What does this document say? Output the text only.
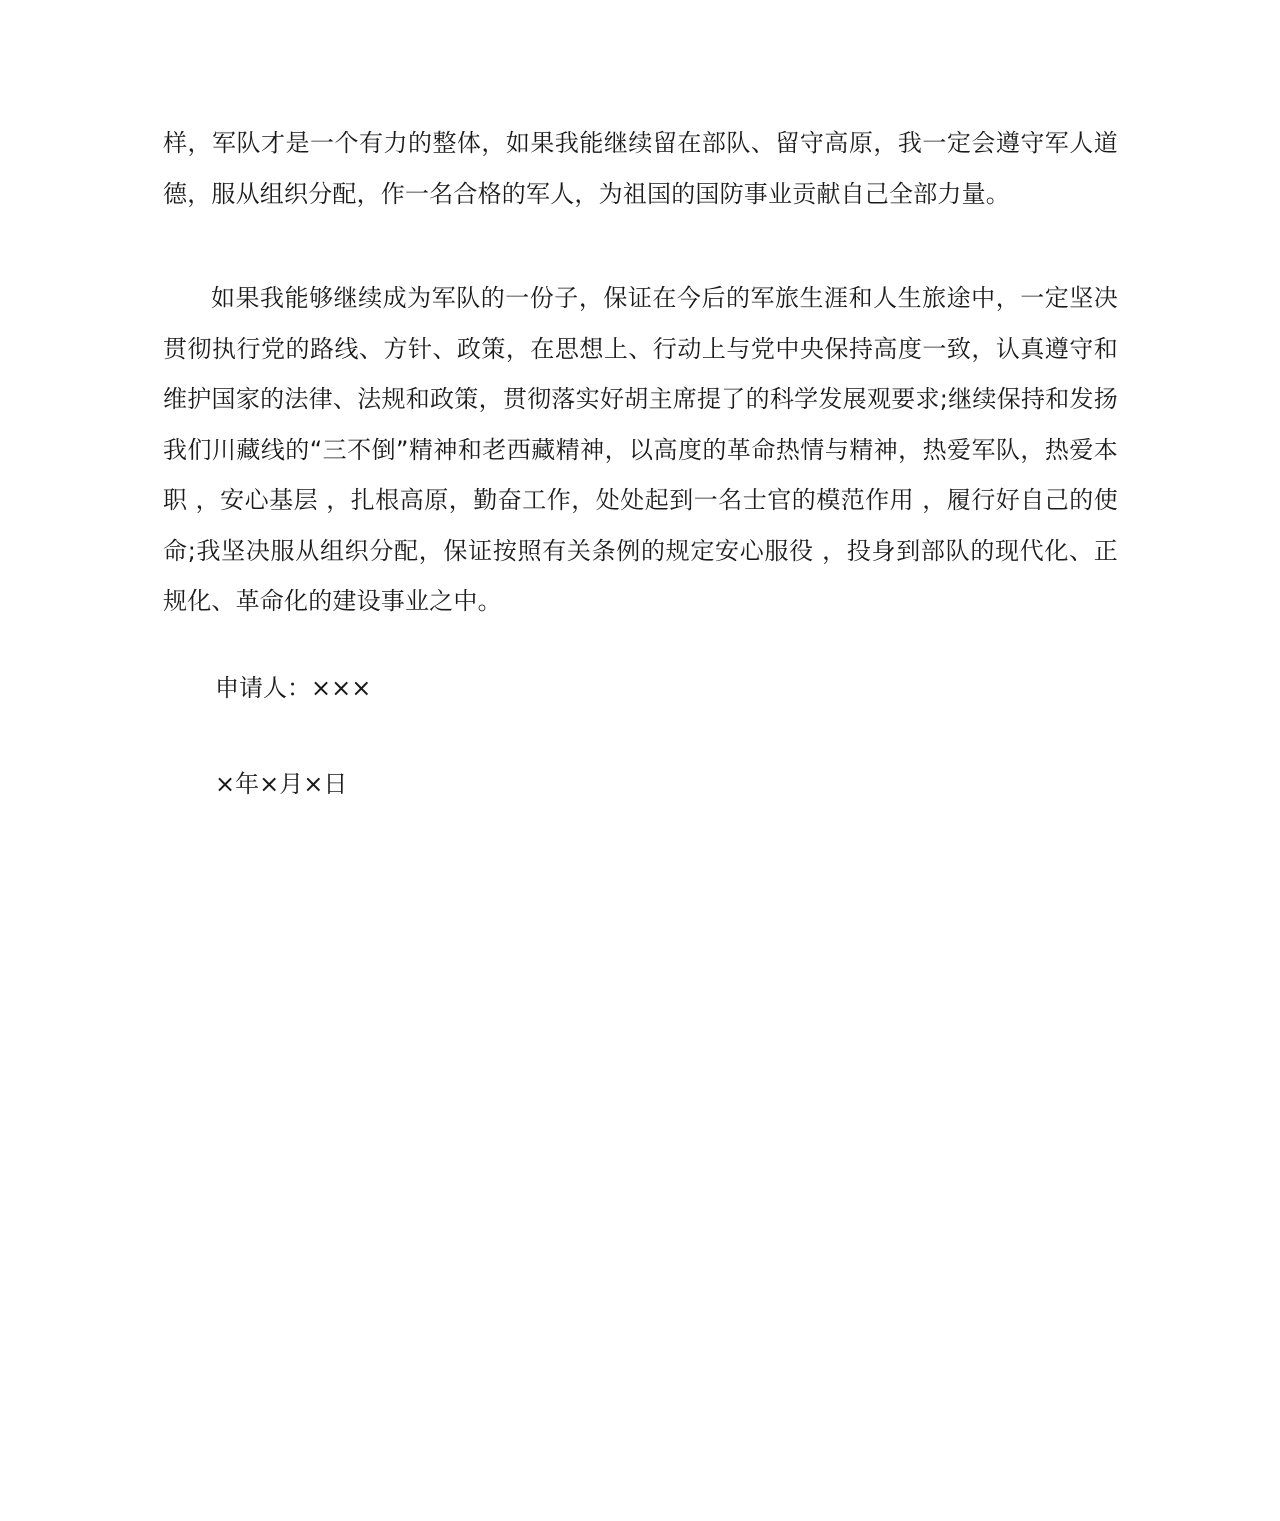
样，军队才是一个有力的整体，如果我能继续留在部队、留守高原，我一定会遵守军人道德，服从组织分配，作一名合格的军人，为祖国的国防事业贡献自己全部力量。

如果我能够继续成为军队的一份子，保证在今后的军旅生涯和人生旅途中，一定坚决贯彻执行党的路线、方针、政策，在思想上、行动上与党中央保持高度一致，认真遵守和维护国家的法律、法规和政策，贯彻落实好胡主席提了的科学发展观要求;继续保持和发扬我们川藏线的“三不倒”精神和老西藏精神，以高度的革命热情与精神，热爱军队，热爱本职 ，安心基层 ，扎根高原，勤奋工作，处处起到一名士官的模范作用 ，履行好自己的使命;我坚决服从组织分配，保证按照有关条例的规定安心服役 ，投身到部队的现代化、正规化、革命化的建设事业之中。

申请人：×××

×年×月×日
